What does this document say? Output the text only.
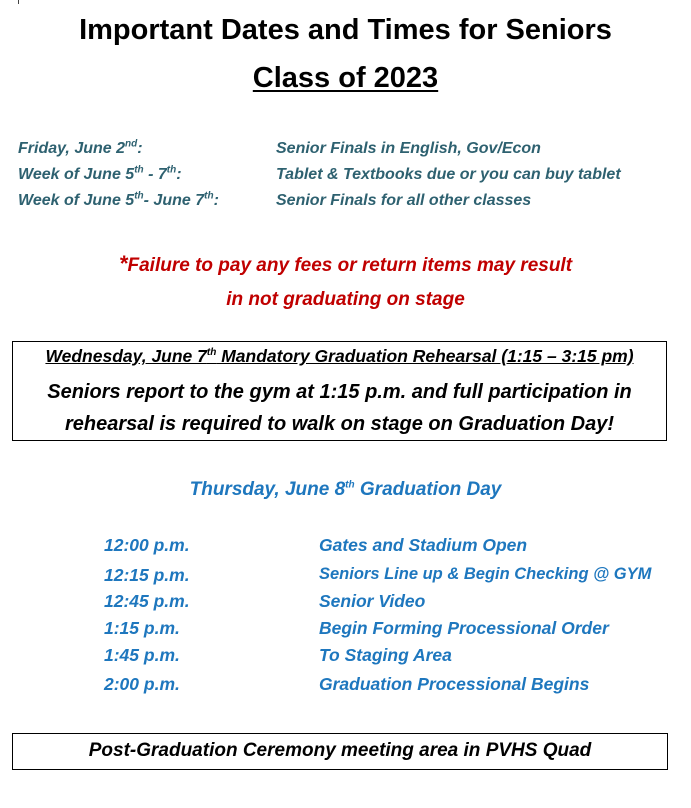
Important Dates and Times for Seniors
Class of 2023
Friday, June 2nd:	Senior Finals in English, Gov/Econ
Week of June 5th - 7th:	Tablet & Textbooks due or you can buy tablet
Week of June 5th- June 7th:	Senior Finals for all other classes
*Failure to pay any fees or return items may result
in not graduating on stage
Wednesday, June 7th Mandatory Graduation Rehearsal (1:15 – 3:15 pm)
Seniors report to the gym at 1:15 p.m. and full participation in
rehearsal is required to walk on stage on Graduation Day!
Thursday, June 8th Graduation Day
12:00 p.m.	Gates and Stadium Open
12:15 p.m.	Seniors Line up & Begin Checking @ GYM
12:45 p.m.	Senior Video
1:15 p.m.	Begin Forming Processional Order
1:45 p.m.	To Staging Area
2:00 p.m.	Graduation Processional Begins
Post-Graduation Ceremony meeting area in PVHS Quad
